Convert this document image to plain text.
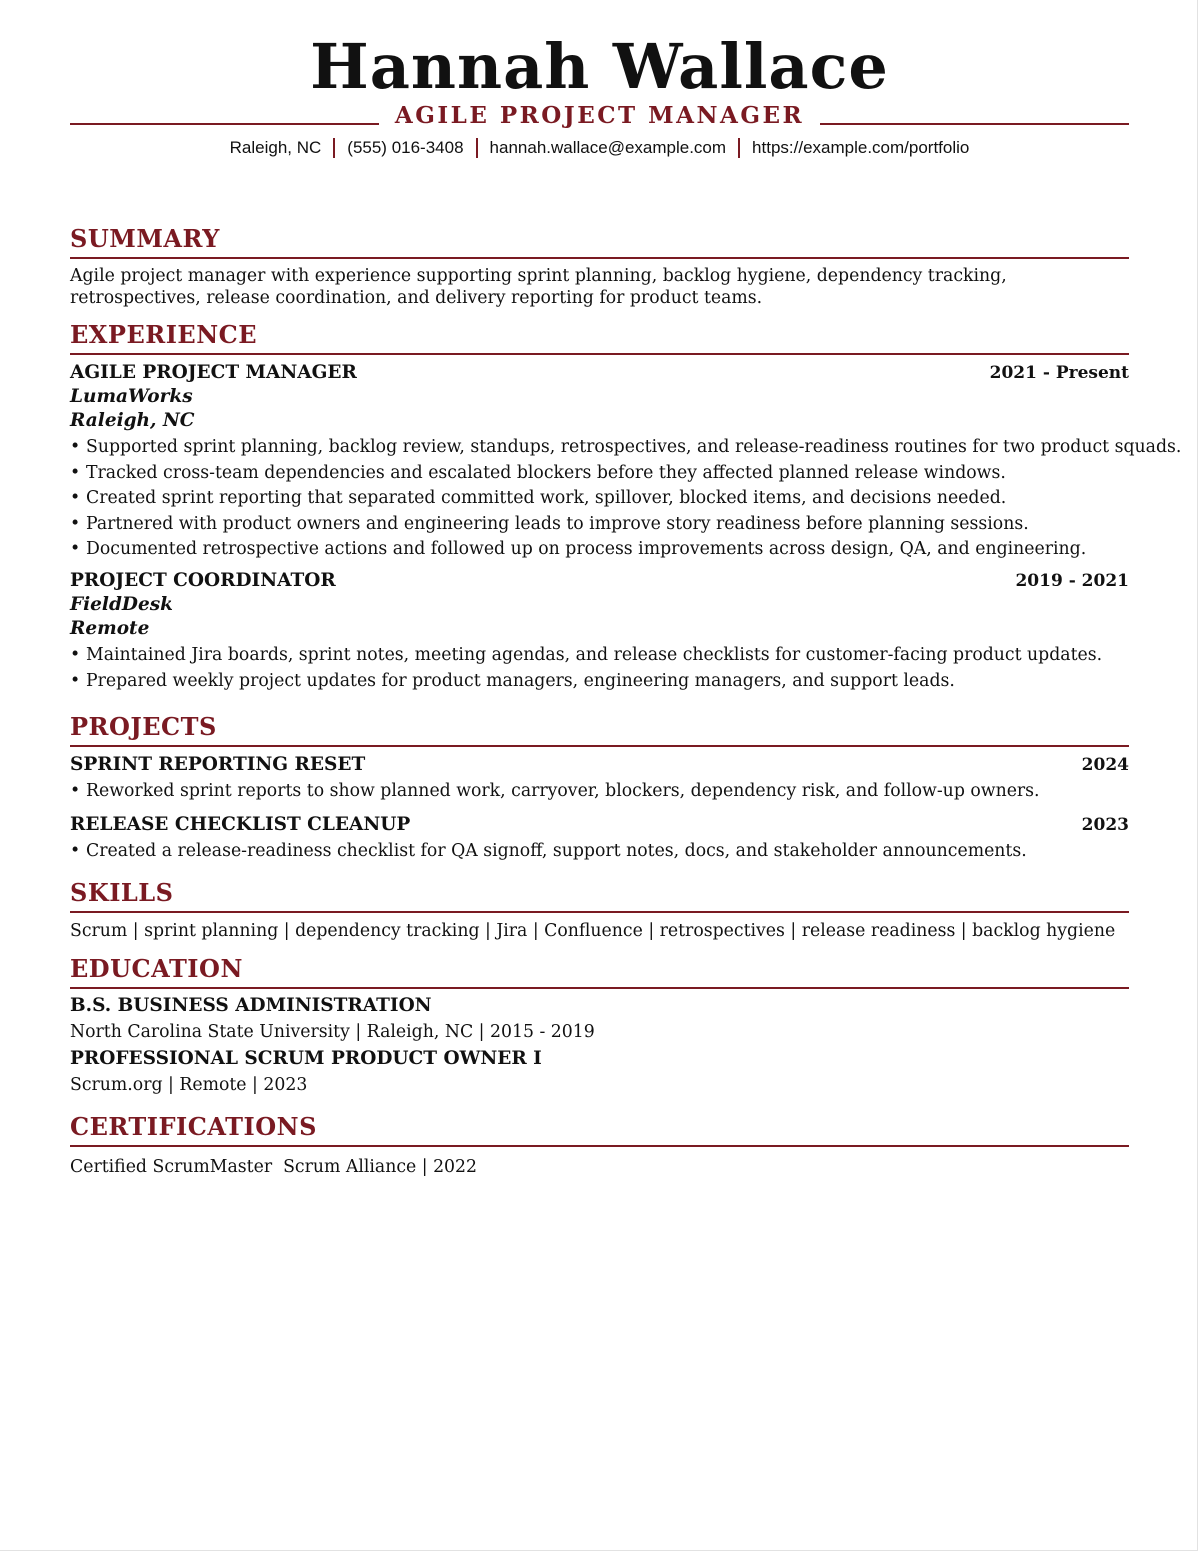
Hannah Wallace
AGILE PROJECT MANAGER
Raleigh, NC (555) 016-3408 hannah.wallace@example.com https://example.com/portfolio
SUMMARY
Agile project manager with experience supporting sprint planning, backlog hygiene, dependency tracking, retrospectives, release coordination, and delivery reporting for product teams.
EXPERIENCE
AGILE PROJECT MANAGER	2021 - Present
LumaWorks
Raleigh, NC
• Supported sprint planning, backlog review, standups, retrospectives, and release-readiness routines for two product squads.
• Tracked cross-team dependencies and escalated blockers before they affected planned release windows.
• Created sprint reporting that separated committed work, spillover, blocked items, and decisions needed.
• Partnered with product owners and engineering leads to improve story readiness before planning sessions.
• Documented retrospective actions and followed up on process improvements across design, QA, and engineering.
PROJECT COORDINATOR	2019 - 2021
FieldDesk
Remote
• Maintained Jira boards, sprint notes, meeting agendas, and release checklists for customer-facing product updates.
• Prepared weekly project updates for product managers, engineering managers, and support leads.
PROJECTS
SPRINT REPORTING RESET	2024
• Reworked sprint reports to show planned work, carryover, blockers, dependency risk, and follow-up owners.
RELEASE CHECKLIST CLEANUP	2023
• Created a release-readiness checklist for QA signoff, support notes, docs, and stakeholder announcements.
SKILLS
Scrum | sprint planning | dependency tracking | Jira | Confluence | retrospectives | release readiness | backlog hygiene
EDUCATION
B.S. BUSINESS ADMINISTRATION
North Carolina State University | Raleigh, NC | 2015 - 2019
PROFESSIONAL SCRUM PRODUCT OWNER I
Scrum.org | Remote | 2023
CERTIFICATIONS
Certified ScrumMaster  Scrum Alliance | 2022
